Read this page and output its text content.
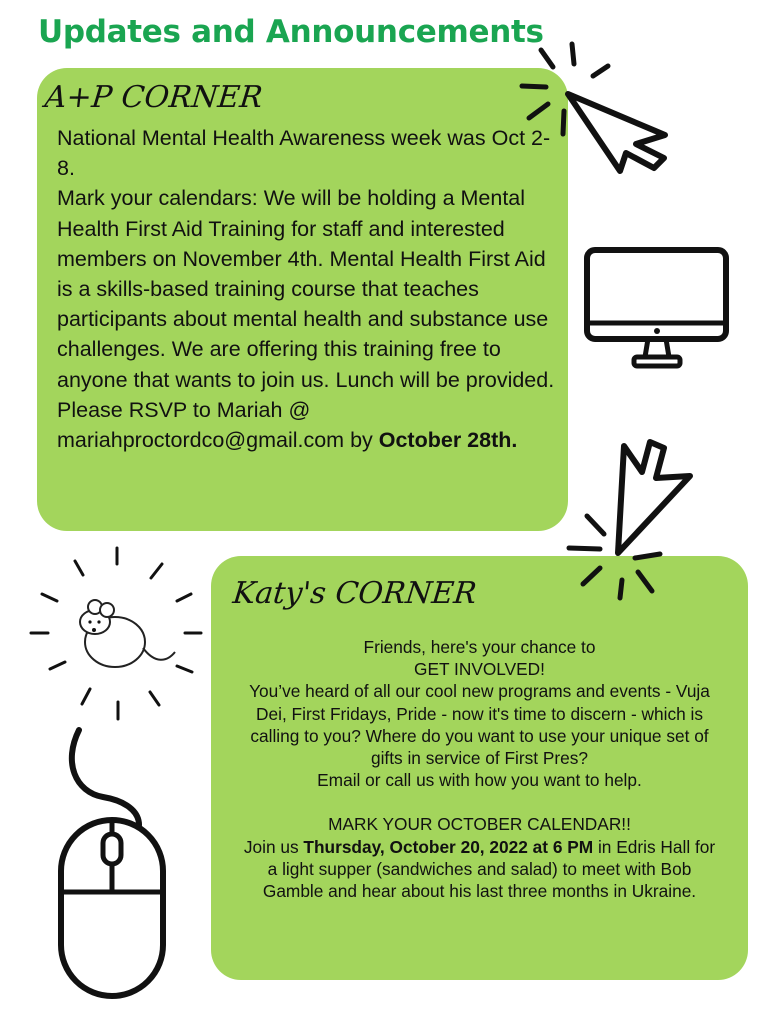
Updates and Announcements
A+P CORNER

National Mental Health Awareness week was Oct 2-8.

Mark your calendars: We will be holding a Mental Health First Aid Training for staff and interested members on November 4th. Mental Health First Aid is a skills-based training course that teaches participants about mental health and substance use challenges. We are offering this training free to anyone that wants to join us. Lunch will be provided. Please RSVP to Mariah @ mariahproctordco@gmail.com by October 28th.

Katy's CORNER

Friends, here's your chance to

GET INVOLVED!

You’ve heard of all our cool new programs and events - Vuja Dei, First Fridays, Pride - now it's time to discern - which is calling to you? Where do you want to use your unique set of gifts in service of First Pres?

Email or call us with how you want to help.

MARK YOUR OCTOBER CALENDAR!!

Join us Thursday, October 20, 2022 at 6 PM in Edris Hall for a light supper (sandwiches and salad) to meet with Bob Gamble and hear about his last three months in Ukraine.
